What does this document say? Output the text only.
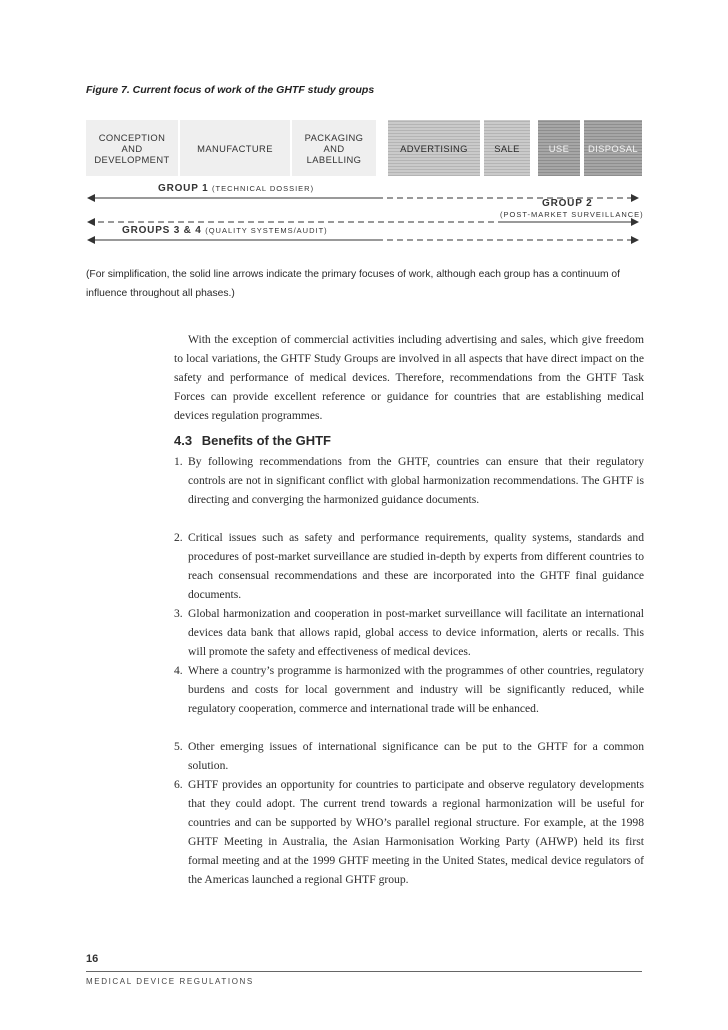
Figure 7. Current focus of work of the GHTF study groups
CONCEPTION
AND
DEVELOPMENT
MANUFACTURE
PACKAGING
AND
LABELLING
ADVERTISING	SALE	USE DISPOSAL
GROUP 1 (TECHNICAL DOSSIER)
GROUP 2
(POST-MARKET SURVEILLANCE)
GROUPS 3 & 4 (QUALITY SYSTEMS/AUDIT)
(For simplification, the solid line arrows indicate the primary focuses of work, although each group has a continuum of influence throughout all phases.)
With the exception of commercial activities including advertising and sales, which give freedom to local variations, the GHTF Study Groups are involved in all aspects that have direct impact on the safety and performance of medical devices. Therefore, recommendations from the GHTF Task Forces can provide excellent reference or guidance for countries that are establishing medical devices regulation programmes.
4.3 Benefits of the GHTF
1. By following recommendations from the GHTF, countries can ensure that their regulatory controls are not in significant conflict with global harmonization recommendations. The GHTF is directing and converging the harmonized guidance documents.
2. Critical issues such as safety and performance requirements, quality systems, standards and procedures of post-market surveillance are studied in-depth by experts from different countries to reach consensual recommendations and these are incorporated into the GHTF final guidance documents.
3. Global harmonization and cooperation in post-market surveillance will facilitate an international devices data bank that allows rapid, global access to device information, alerts or recalls. This will promote the safety and effectiveness of medical devices.
4. Where a country’s programme is harmonized with the programmes of other countries, regulatory burdens and costs for local government and industry will be significantly reduced, while regulatory cooperation, commerce and international trade will be enhanced.
5. Other emerging issues of international significance can be put to the GHTF for a common solution.
6. GHTF provides an opportunity for countries to participate and observe regulatory developments that they could adopt. The current trend towards a regional harmonization will be useful for countries and can be supported by WHO’s parallel regional structure. For example, at the 1998 GHTF Meeting in Australia, the Asian Harmonisation Working Party (AHWP) held its first formal meeting and at the 1999 GHTF meeting in the United States, medical device regulators of the Americas launched a regional GHTF group.
16
MEDICAL DEVICE REGULATIONS
